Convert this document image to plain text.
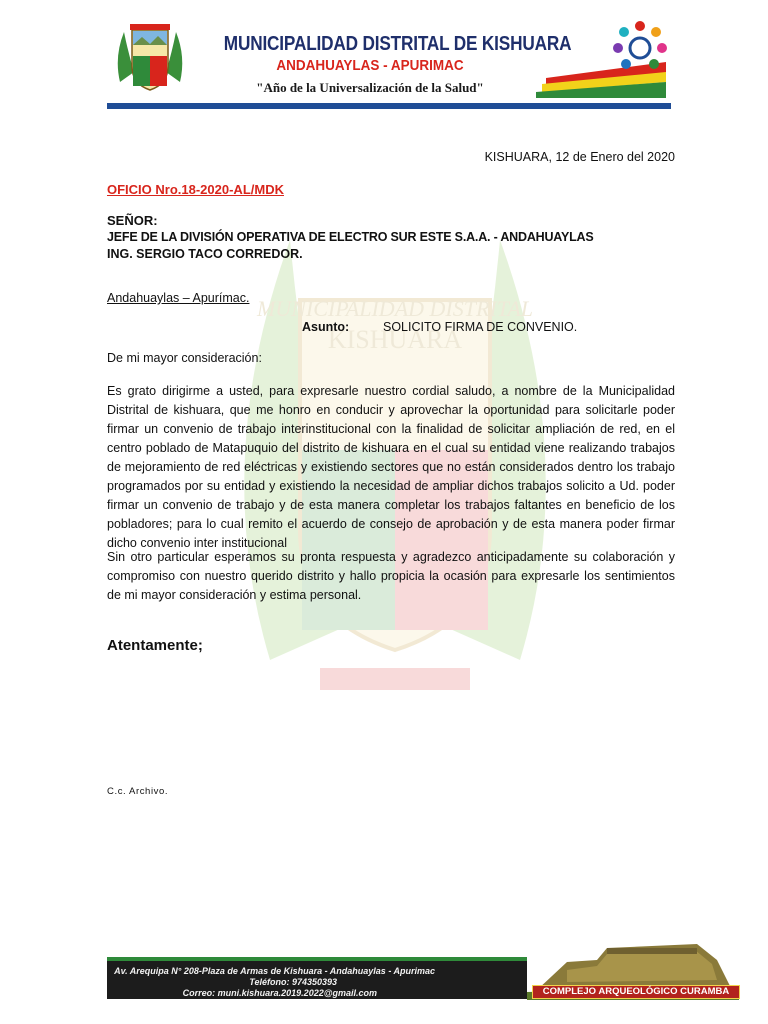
MUNICIPALIDAD DISTRITAL DE KISHUARA
ANDAHUAYLAS - APURIMAC
"Año de la Universalización de la Salud"
MUNICIPALIDAD DISTRITAL
KISHUARA
KISHUARA, 12 de Enero del 2020
OFICIO Nro.18-2020-AL/MDK
SEÑOR:
JEFE DE LA DIVISIÓN OPERATIVA DE ELECTRO SUR ESTE S.A.A. - ANDAHUAYLAS
ING. SERGIO TACO CORREDOR.
Andahuaylas – Apurímac.
Asunto:	SOLICITO FIRMA DE CONVENIO.
De mi mayor consideración:
Es grato dirigirme a usted, para expresarle nuestro cordial saludo, a nombre de la Municipalidad Distrital de kishuara, que me honro en conducir y aprovechar la oportunidad para solicitarle poder firmar un convenio de trabajo interinstitucional con la finalidad de solicitar ampliación de red, en el centro poblado de Matapuquio del distrito de kishuara en el cual su entidad viene realizando trabajos de mejoramiento de red eléctricas y existiendo sectores que no están considerados dentro los trabajo programados por su entidad y existiendo la necesidad de ampliar dichos trabajos solicito a Ud. poder firmar un convenio de trabajo y de esta manera completar los trabajos faltantes en beneficio de los pobladores; para lo cual remito el acuerdo de consejo de aprobación y de esta manera poder firmar dicho convenio inter institucional
Sin otro particular esperamos su pronta respuesta y agradezco anticipadamente su colaboración y compromiso con nuestro querido distrito y hallo propicia la ocasión para expresarle los sentimientos de mi mayor consideración y estima personal.
Atentamente;
C.c. Archivo.
Av. Arequipa N° 208-Plaza de Armas de Kishuara - Andahuaylas - Apurimac
Teléfono: 974350393
Correo: muni.kishuara.2019.2022@gmail.com	COMPLEJO ARQUEOLÓGICO CURAMBA
